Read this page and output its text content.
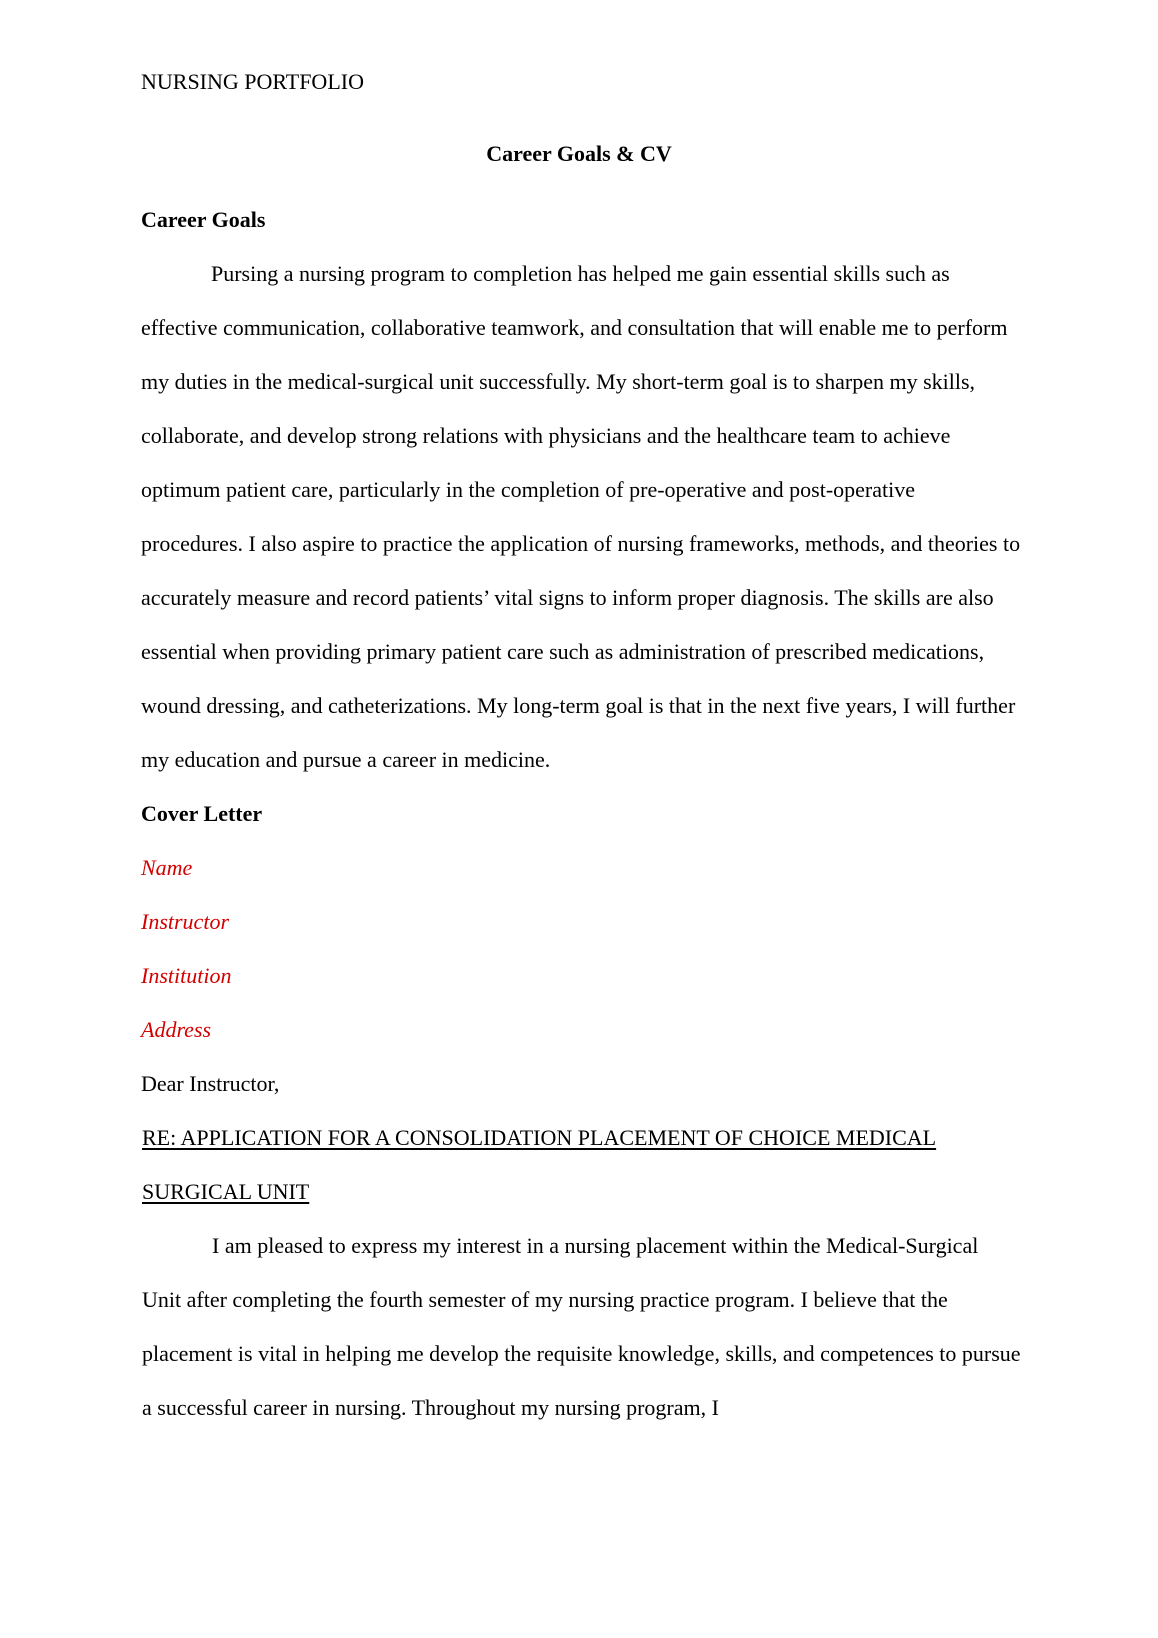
NURSING PORTFOLIO
Career Goals & CV

Career Goals

Pursing a nursing program to completion has helped me gain essential skills such as effective communication, collaborative teamwork, and consultation that will enable me to perform my duties in the medical-surgical unit successfully. My short-term goal is to sharpen my skills, collaborate, and develop strong relations with physicians and the healthcare team to achieve optimum patient care, particularly in the completion of pre-operative and post-operative procedures. I also aspire to practice the application of nursing frameworks, methods, and theories to accurately measure and record patients’ vital signs to inform proper diagnosis. The skills are also essential when providing primary patient care such as administration of prescribed medications, wound dressing, and catheterizations. My long-term goal is that in the next five years, I will further my education and pursue a career in medicine.

Cover Letter

Name

Instructor

Institution

Address

Dear Instructor,

RE: APPLICATION FOR A CONSOLIDATION PLACEMENT OF CHOICE MEDICAL SURGICAL UNIT

I am pleased to express my interest in a nursing placement within the Medical-Surgical Unit after completing the fourth semester of my nursing practice program. I believe that the placement is vital in helping me develop the requisite knowledge, skills, and competences to pursue a successful career in nursing. Throughout my nursing program, I
